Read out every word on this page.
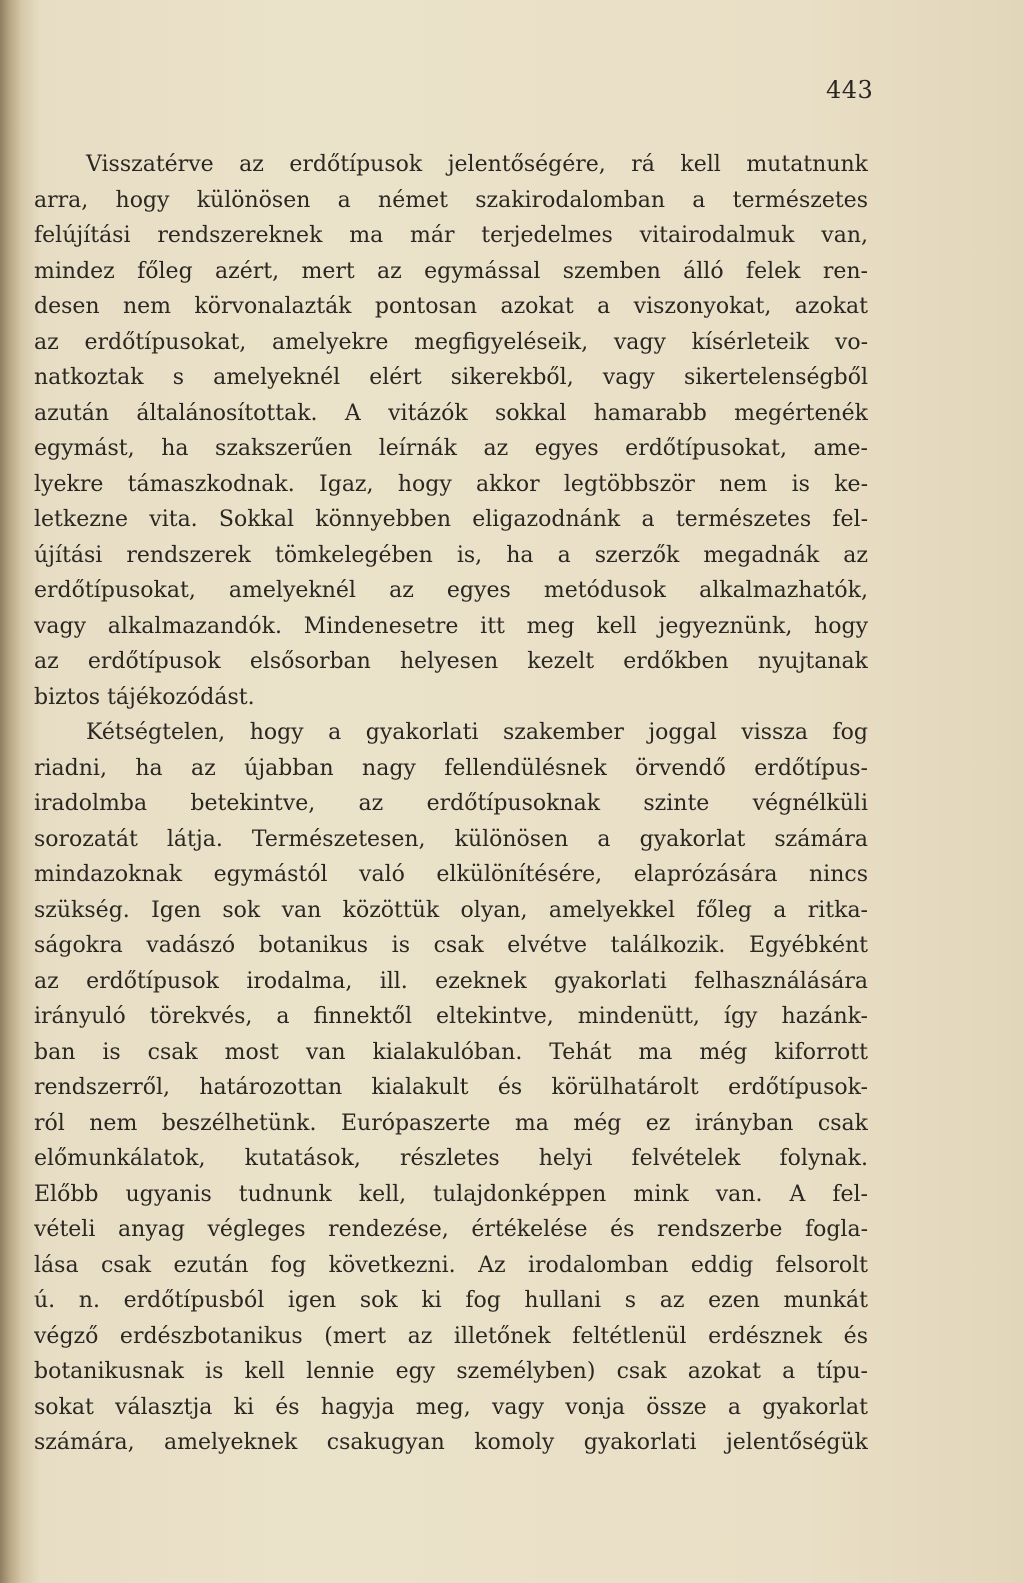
443
Visszatérve az erdőtípusok jelentőségére, rá kell mutatnunk
arra, hogy különösen a német szakirodalomban a természetes
felújítási rendszereknek ma már terjedelmes vitairodalmuk van,
mindez főleg azért, mert az egymással szemben álló felek ren-
desen nem körvonalazták pontosan azokat a viszonyokat, azokat
az erdőtípusokat, amelyekre megfigyeléseik, vagy kísérleteik vo-
natkoztak s amelyeknél elért sikerekből, vagy sikertelenségből
azután általánosítottak. A vitázók sokkal hamarabb megértenék
egymást, ha szakszerűen leírnák az egyes erdőtípusokat, ame-
lyekre támaszkodnak. Igaz, hogy akkor legtöbbször nem is ke-
letkezne vita. Sokkal könnyebben eligazodnánk a természetes fel-
újítási rendszerek tömkelegében is, ha a szerzők megadnák az
erdőtípusokat, amelyeknél az egyes metódusok alkalmazhatók,
vagy alkalmazandók. Mindenesetre itt meg kell jegyeznünk, hogy
az erdőtípusok elsősorban helyesen kezelt erdőkben nyujtanak
biztos tájékozódást.
Kétségtelen, hogy a gyakorlati szakember joggal vissza fog
riadni, ha az újabban nagy fellendülésnek örvendő erdőtípus-
iradolmba betekintve, az erdőtípusoknak szinte végnélküli
sorozatát látja. Természetesen, különösen a gyakorlat számára
mindazoknak egymástól való elkülönítésére, elaprózására nincs
szükség. Igen sok van közöttük olyan, amelyekkel főleg a ritka-
ságokra vadászó botanikus is csak elvétve találkozik. Egyébként
az erdőtípusok irodalma, ill. ezeknek gyakorlati felhasználására
irányuló törekvés, a finnektől eltekintve, mindenütt, így hazánk-
ban is csak most van kialakulóban. Tehát ma még kiforrott
rendszerről, határozottan kialakult és körülhatárolt erdőtípusok-
ról nem beszélhetünk. Európaszerte ma még ez irányban csak
előmunkálatok, kutatások, részletes helyi felvételek folynak.
Előbb ugyanis tudnunk kell, tulajdonképpen mink van. A fel-
vételi anyag végleges rendezése, értékelése és rendszerbe fogla-
lása csak ezután fog következni. Az irodalomban eddig felsorolt
ú. n. erdőtípusból igen sok ki fog hullani s az ezen munkát
végző erdészbotanikus (mert az illetőnek feltétlenül erdésznek és
botanikusnak is kell lennie egy személyben) csak azokat a típu-
sokat választja ki és hagyja meg, vagy vonja össze a gyakorlat
számára, amelyeknek csakugyan komoly gyakorlati jelentőségük
